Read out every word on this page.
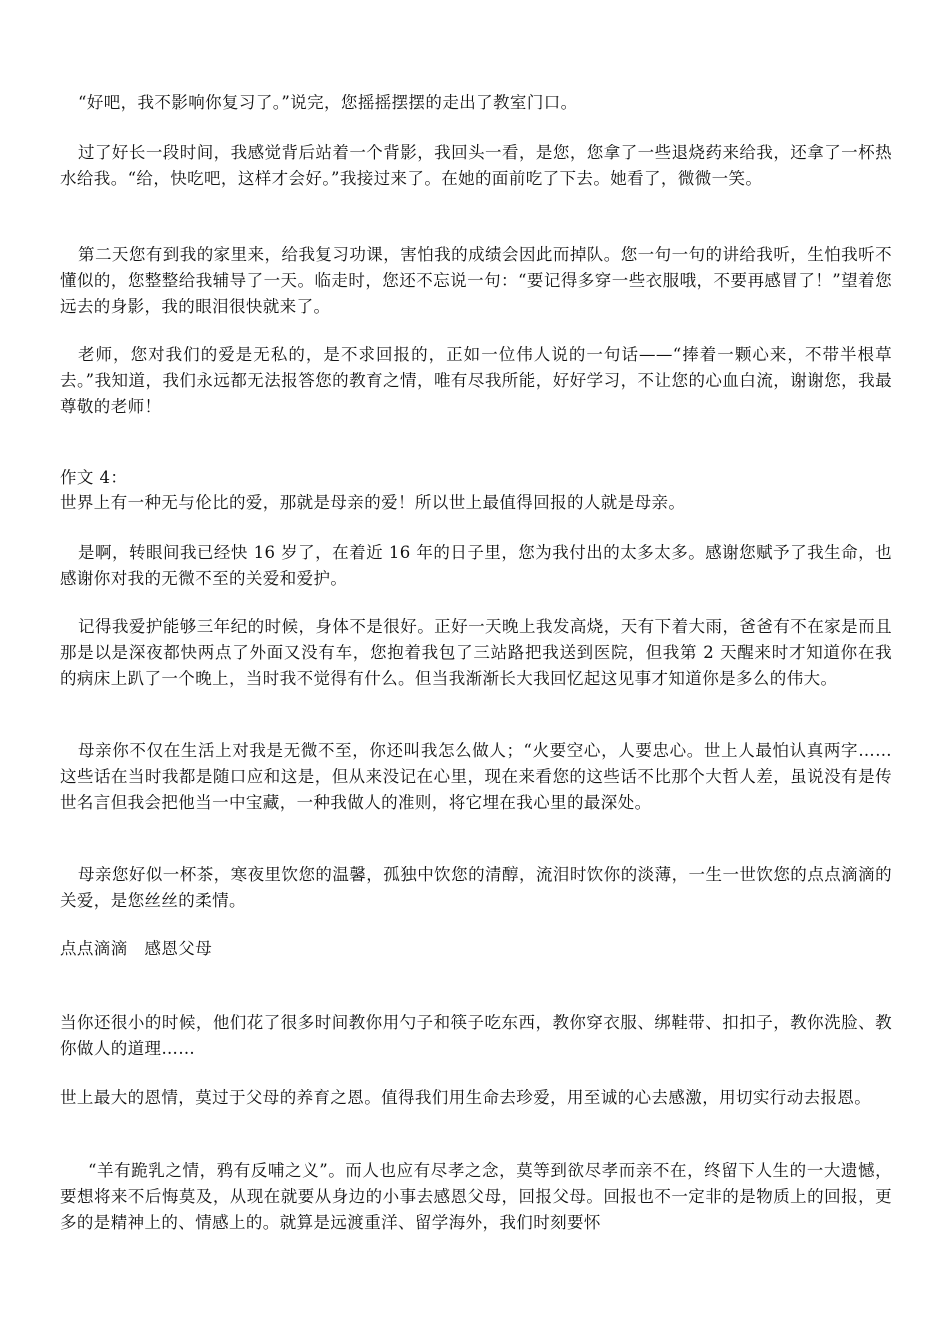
“好吧，我不影响你复习了。”说完，您摇摇摆摆的走出了教室门口。

过了好长一段时间，我感觉背后站着一个背影，我回头一看，是您，您拿了一些退烧药来给我，还拿了一杯热水给我。“给，快吃吧，这样才会好。”我接过来了。在她的面前吃了下去。她看了，微微一笑。

第二天您有到我的家里来，给我复习功课，害怕我的成绩会因此而掉队。您一句一句的讲给我听，生怕我听不懂似的，您整整给我辅导了一天。临走时，您还不忘说一句：“要记得多穿一些衣服哦，不要再感冒了！”望着您远去的身影，我的眼泪很快就来了。

老师，您对我们的爱是无私的，是不求回报的，正如一位伟人说的一句话——“捧着一颗心来，不带半根草去。”我知道，我们永远都无法报答您的教育之情，唯有尽我所能，好好学习，不让您的心血白流，谢谢您，我最尊敬的老师！

作文 4：

世界上有一种无与伦比的爱，那就是母亲的爱！所以世上最值得回报的人就是母亲。

是啊，转眼间我已经快 16 岁了，在着近 16 年的日子里，您为我付出的太多太多。感谢您赋予了我生命，也感谢你对我的无微不至的关爱和爱护。

记得我爱护能够三年纪的时候，身体不是很好。正好一天晚上我发高烧，天有下着大雨，爸爸有不在家是而且那是以是深夜都快两点了外面又没有车，您抱着我包了三站路把我送到医院，但我第 2 天醒来时才知道你在我的病床上趴了一个晚上，当时我不觉得有什么。但当我渐渐长大我回忆起这见事才知道你是多么的伟大。

母亲你不仅在生活上对我是无微不至，你还叫我怎么做人；“火要空心，人要忠心。世上人最怕认真两字……这些话在当时我都是随口应和这是，但从来没记在心里，现在来看您的这些话不比那个大哲人差，虽说没有是传世名言但我会把他当一中宝藏，一种我做人的准则，将它埋在我心里的最深处。

母亲您好似一杯茶，寒夜里饮您的温馨，孤独中饮您的清醇，流泪时饮你的淡薄，一生一世饮您的点点滴滴的关爱，是您丝丝的柔情。

点点滴滴　感恩父母

当你还很小的时候，他们花了很多时间教你用勺子和筷子吃东西，教你穿衣服、绑鞋带、扣扣子，教你洗脸、教你做人的道理……

世上最大的恩情，莫过于父母的养育之恩。值得我们用生命去珍爱，用至诚的心去感激，用切实行动去报恩。

“羊有跪乳之情，鸦有反哺之义”。而人也应有尽孝之念，莫等到欲尽孝而亲不在，终留下人生的一大遗憾，要想将来不后悔莫及，从现在就要从身边的小事去感恩父母，回报父母。回报也不一定非的是物质上的回报，更多的是精神上的、情感上的。就算是远渡重洋、留学海外，我们时刻要怀
